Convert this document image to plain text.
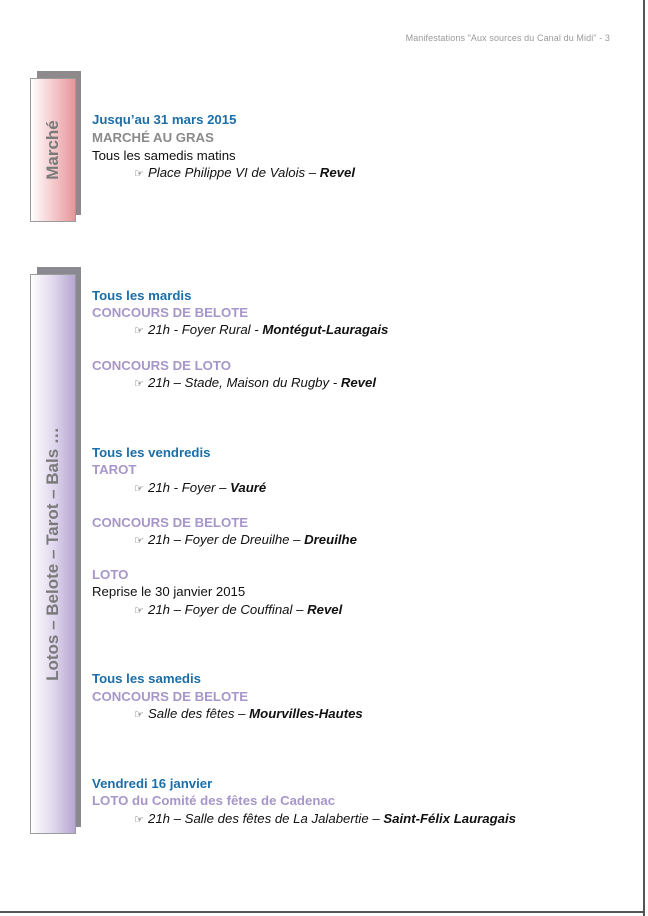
Manifestations "Aux sources du Canal du Midi" - 3
Marché
Lotos – Belote – Tarot – Bals …
Jusqu’au 31 mars 2015
MARCHÉ AU GRAS
Tous les samedis matins
☞ Place Philippe VI de Valois – Revel
Tous les mardis
CONCOURS DE BELOTE
☞ 21h - Foyer Rural - Montégut-Lauragais
CONCOURS DE LOTO
☞ 21h – Stade, Maison du Rugby - Revel
Tous les vendredis
TAROT
☞ 21h - Foyer – Vauré
CONCOURS DE BELOTE
☞ 21h – Foyer de Dreuilhe – Dreuilhe
LOTO
Reprise le 30 janvier 2015
☞ 21h – Foyer de Couffinal – Revel
Tous les samedis
CONCOURS DE BELOTE
☞ Salle des fêtes – Mourvilles-Hautes
Vendredi 16 janvier
LOTO du Comité des fêtes de Cadenac
☞ 21h – Salle des fêtes de La Jalabertie – Saint-Félix Lauragais
